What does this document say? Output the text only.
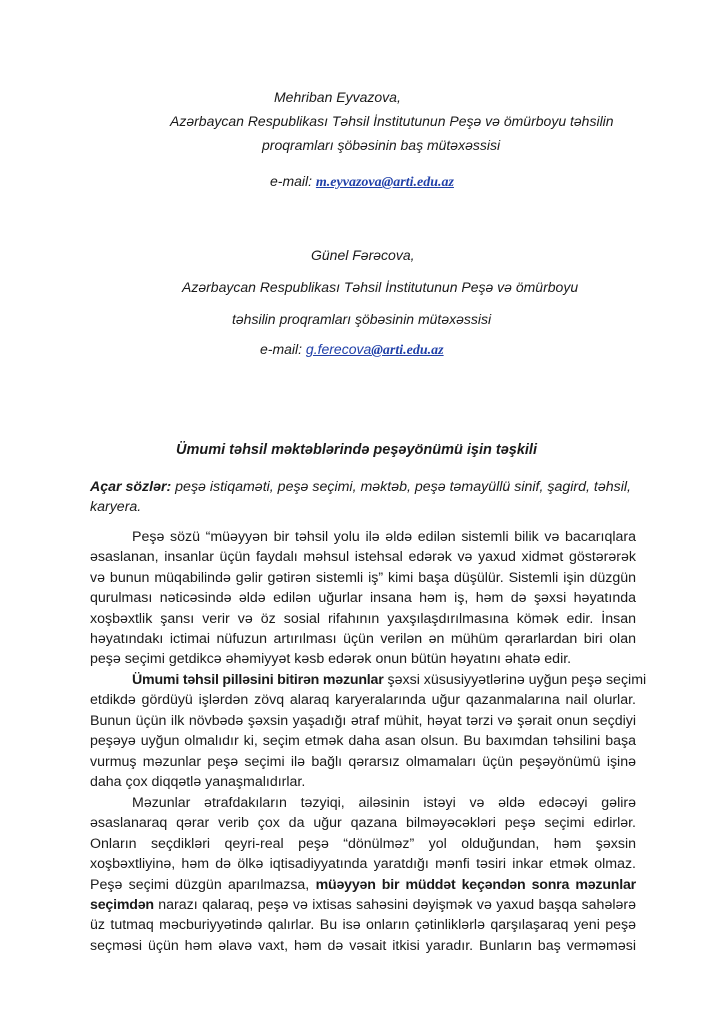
Mehriban Eyvazova,
Azərbaycan Respublikası Təhsil İnstitutunun Peşə və ömürboyu təhsilin
proqramları şöbəsinin baş mütəxəssisi
e-mail: m.eyvazova@arti.edu.az
Günel Fərəcova,
Azərbaycan Respublikası Təhsil İnstitutunun Peşə və ömürboyu
təhsilin proqramları şöbəsinin mütəxəssisi
e-mail: g.ferecova@arti.edu.az
Ümumi təhsil məktəblərində peşəyönümü işin təşkili
Açar sözlər: peşə istiqaməti, peşə seçimi, məktəb, peşə təmayüllü sinif, şagird, təhsil,
karyera.
Peşə sözü “müəyyən bir təhsil yolu ilə əldə edilən sistemli bilik və bacarıqlara
əsaslanan, insanlar üçün faydalı məhsul istehsal edərək və yaxud xidmət göstərərək
və bunun müqabilində gəlir gətirən sistemli iş” kimi başa düşülür. Sistemli işin düzgün
qurulması nəticəsində əldə edilən uğurlar insana həm iş, həm də şəxsi həyatında
xoşbəxtlik şansı verir və öz sosial rifahının yaxşılaşdırılmasına kömək edir. İnsan
həyatındakı ictimai nüfuzun artırılması üçün verilən ən mühüm qərarlardan biri olan
peşə seçimi getdikcə əhəmiyyət kəsb edərək onun bütün həyatını əhatə edir.
Ümumi təhsil pilləsini bitirən məzunlar şəxsi xüsusiyyətlərinə uyğun peşə seçimi
etdikdə gördüyü işlərdən zövq alaraq karyeralarında uğur qazanmalarına nail olurlar.
Bunun üçün ilk növbədə şəxsin yaşadığı ətraf mühit, həyat tərzi və şərait onun seçdiyi
peşəyə uyğun olmalıdır ki, seçim etmək daha asan olsun. Bu baxımdan təhsilini başa
vurmuş məzunlar peşə seçimi ilə bağlı qərarsız olmamaları üçün peşəyönümü işinə
daha çox diqqətlə yanaşmalıdırlar.
Məzunlar ətrafdakıların təzyiqi, ailəsinin istəyi və əldə edəcəyi gəlirə
əsaslanaraq qərar verib çox da uğur qazana bilməyəcəkləri peşə seçimi edirlər.
Onların seçdikləri qeyri-real peşə “dönülməz” yol olduğundan, həm şəxsin
xoşbəxtliyinə, həm də ölkə iqtisadiyyatında yaratdığı mənfi təsiri inkar etmək olmaz.
Peşə seçimi düzgün aparılmazsa, müəyyən bir müddət keçəndən sonra məzunlar
seçimdən narazı qalaraq, peşə və ixtisas sahəsini dəyişmək və yaxud başqa sahələrə
üz tutmaq məcburiyyətində qalırlar. Bu isə onların çətinliklərlə qarşılaşaraq yeni peşə
seçməsi üçün həm əlavə vaxt, həm də vəsait itkisi yaradır. Bunların baş verməməsi
